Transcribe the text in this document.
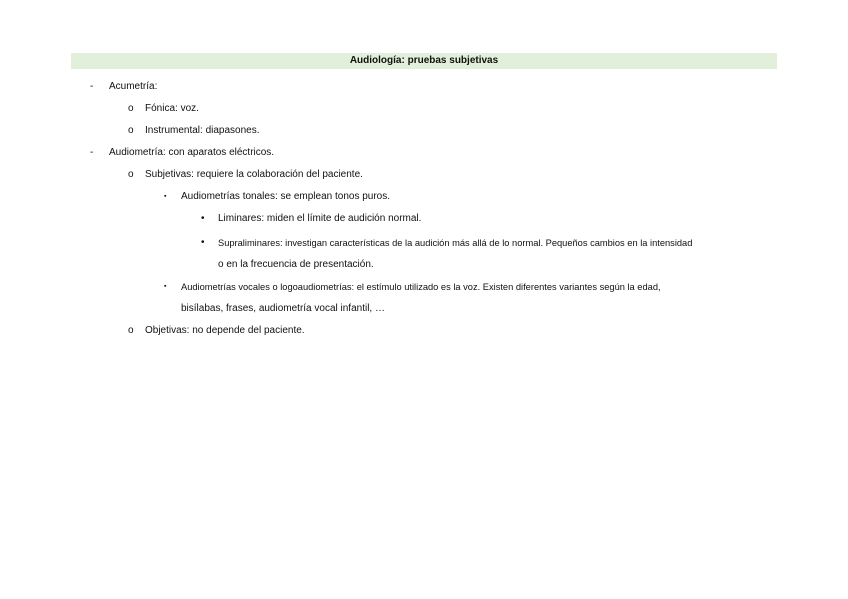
Audiología: pruebas subjetivas
- Acumetría:
o Fónica: voz.
o Instrumental: diapasones.
- Audiometría: con aparatos eléctricos.
o Subjetivas: requiere la colaboración del paciente.
▪ Audiometrías tonales: se emplean tonos puros.
• Liminares: miden el límite de audición normal.
• Supraliminares: investigan características de la audición más allá de lo normal. Pequeños cambios en la intensidad
o en la frecuencia de presentación.
▪ Audiometrías vocales o logoaudiometrías: el estímulo utilizado es la voz. Existen diferentes variantes según la edad,
bisílabas, frases, audiometría vocal infantil, …
o Objetivas: no depende del paciente.
